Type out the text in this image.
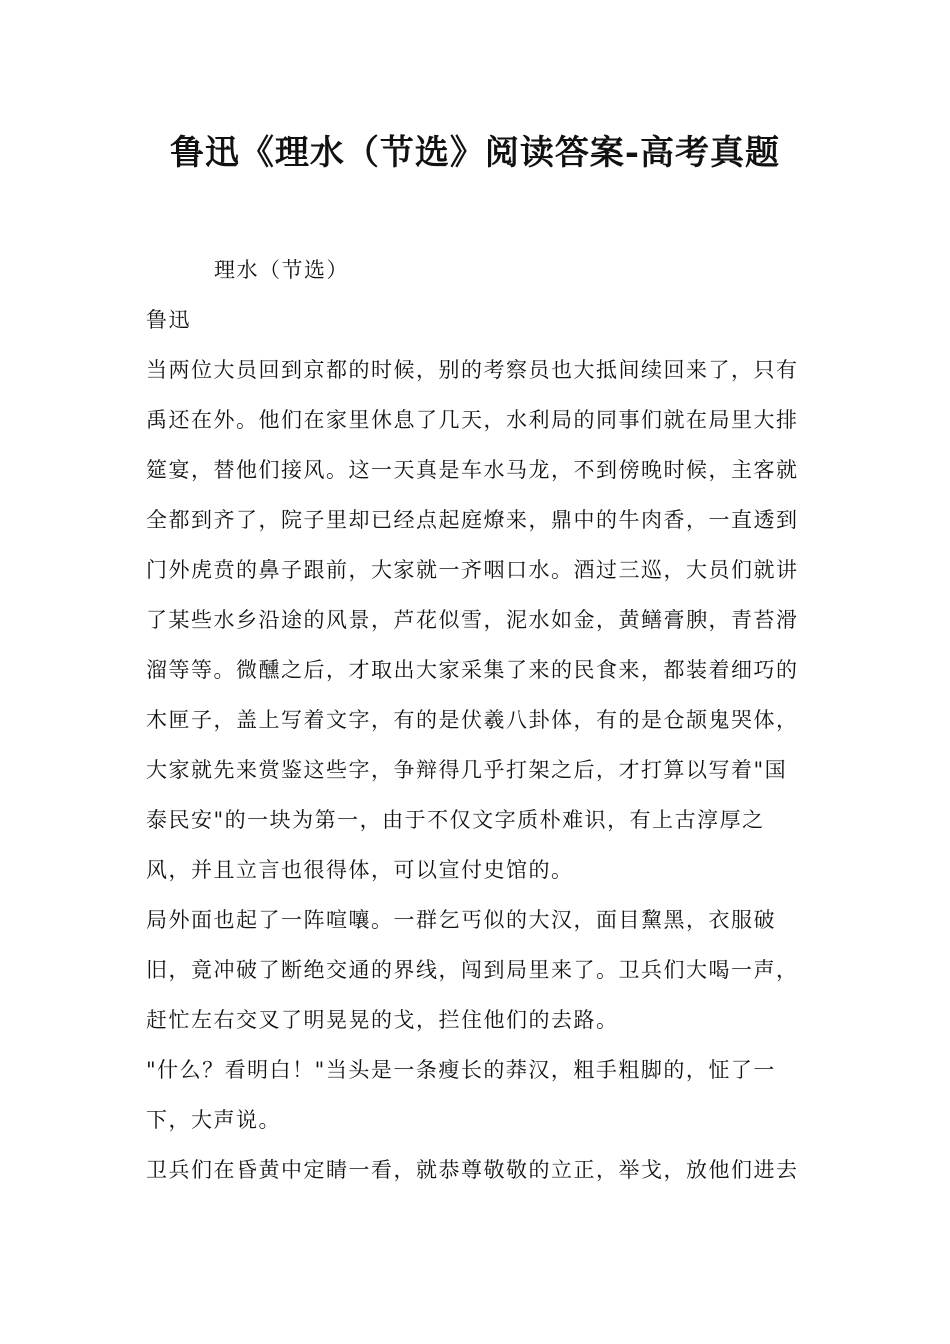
鲁迅《理水（节选》阅读答案-高考真题

理水（节选）

鲁迅

当两位大员回到京都的时候，别的考察员也大抵间续回来了，只有禹还在外。他们在家里休息了几天，水利局的同事们就在局里大排筵宴，替他们接风。这一天真是车水马龙，不到傍晚时候，主客就全都到齐了，院子里却已经点起庭燎来，鼎中的牛肉香，一直透到门外虎贲的鼻子跟前，大家就一齐咽口水。酒过三巡，大员们就讲了某些水乡沿途的风景，芦花似雪，泥水如金，黄鳝膏腴，青苔滑溜等等。微醺之后，才取出大家采集了来的民食来，都装着细巧的木匣子，盖上写着文字，有的是伏羲八卦体，有的是仓颉鬼哭体，大家就先来赏鉴这些字，争辩得几乎打架之后，才打算以写着"国泰民安"的一块为第一，由于不仅文字质朴难识，有上古淳厚之风，并且立言也很得体，可以宣付史馆的。

局外面也起了一阵喧嚷。一群乞丐似的大汉，面目黧黑，衣服破旧，竟冲破了断绝交通的界线，闯到局里来了。卫兵们大喝一声，赶忙左右交叉了明晃晃的戈，拦住他们的去路。

"什么？看明白！"当头是一条瘦长的莽汉，粗手粗脚的，怔了一下，大声说。

卫兵们在昏黄中定睛一看，就恭尊敬敬的立正，举戈，放他们进去
